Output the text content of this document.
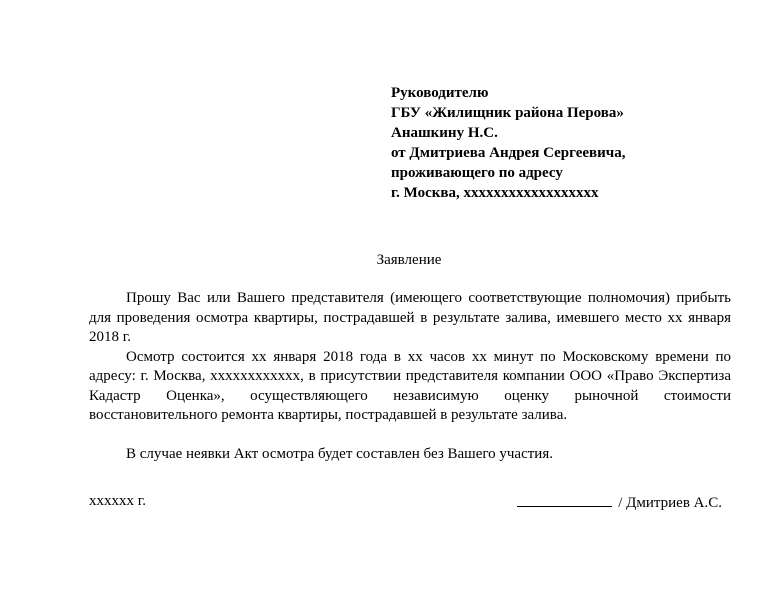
Руководителю
ГБУ «Жилищник района Перова»
Анашкину Н.С.
от Дмитриева Андрея Сергеевича,
проживающего по адресу
г. Москва, xxxxxxxxxxxxxxxxxx
Заявление

Прошу Вас или Вашего представителя (имеющего соответствующие полномочия) прибыть для проведения осмотра квартиры, пострадавшей в результате залива, имевшего место xx января 2018 г.

Осмотр состоится xx января 2018 года в xx часов xx минут по Московскому времени по адресу: г. Москва, xxxxxxxxxxxx, в присутствии представителя компании ООО «Право Экспертиза Кадастр Оценка», осуществляющего независимую оценку рыночной стоимости восстановительного ремонта квартиры, пострадавшей в результате залива.

В случае неявки Акт осмотра будет составлен без Вашего участия.

xxxxxx г.	/ Дмитриев А.С.
